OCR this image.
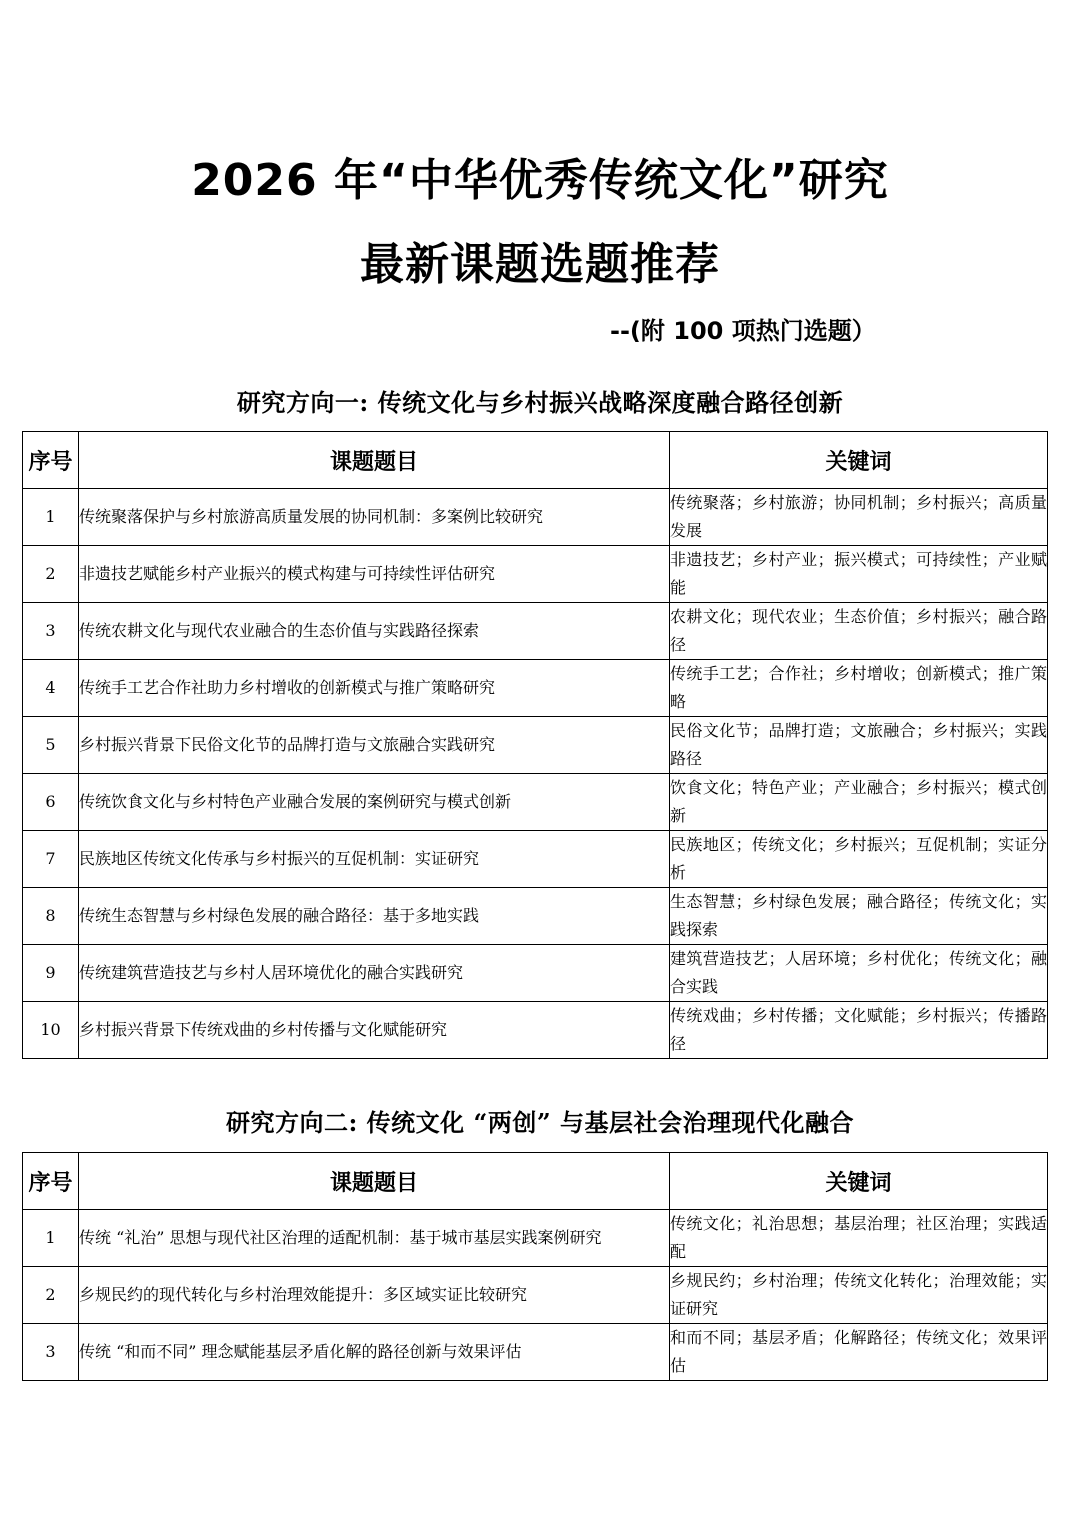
2026 年“中华优秀传统文化”研究
最新课题选题推荐
--(附 100 项热门选题）
研究方向一: 传统文化与乡村振兴战略深度融合路径创新
序号	课题题目	关键词
1	传统聚落保护与乡村旅游高质量发展的协同机制：多案例比较研究	传统聚落；乡村旅游；协同机制；乡村振兴；高质量发展
2	非遗技艺赋能乡村产业振兴的模式构建与可持续性评估研究	非遗技艺；乡村产业；振兴模式；可持续性；产业赋能
3	传统农耕文化与现代农业融合的生态价值与实践路径探索	农耕文化；现代农业；生态价值；乡村振兴；融合路径
4	传统手工艺合作社助力乡村增收的创新模式与推广策略研究	传统手工艺；合作社；乡村增收；创新模式；推广策略
5	乡村振兴背景下民俗文化节的品牌打造与文旅融合实践研究	民俗文化节；品牌打造；文旅融合；乡村振兴；实践路径
6	传统饮食文化与乡村特色产业融合发展的案例研究与模式创新	饮食文化；特色产业；产业融合；乡村振兴；模式创新
7	民族地区传统文化传承与乡村振兴的互促机制：实证研究	民族地区；传统文化；乡村振兴；互促机制；实证分析
8	传统生态智慧与乡村绿色发展的融合路径：基于多地实践	生态智慧；乡村绿色发展；融合路径；传统文化；实践探索
9	传统建筑营造技艺与乡村人居环境优化的融合实践研究	建筑营造技艺；人居环境；乡村优化；传统文化；融合实践
10	乡村振兴背景下传统戏曲的乡村传播与文化赋能研究	传统戏曲；乡村传播；文化赋能；乡村振兴；传播路径
研究方向二: 传统文化 “两创” 与基层社会治理现代化融合
序号	课题题目	关键词
1	传统 “礼治” 思想与现代社区治理的适配机制：基于城市基层实践案例研究	传统文化；礼治思想；基层治理；社区治理；实践适配
2	乡规民约的现代转化与乡村治理效能提升：多区域实证比较研究	乡规民约；乡村治理；传统文化转化；治理效能；实证研究
3	传统 “和而不同” 理念赋能基层矛盾化解的路径创新与效果评估	和而不同；基层矛盾；化解路径；传统文化；效果评估
